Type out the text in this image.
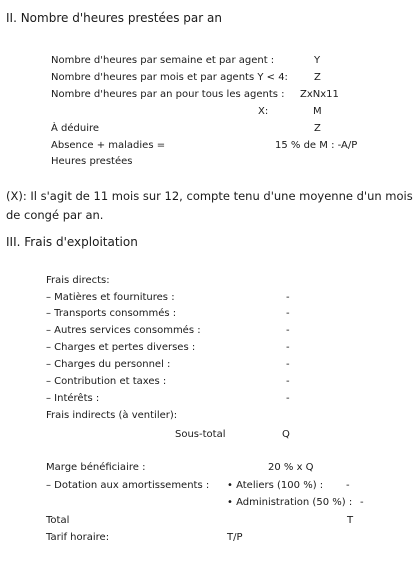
II. Nombre d'heures prestées par an
Nombre d'heures par semaine et par agent :	Y
Nombre d'heures par mois et par agents Y < 4:	Z
Nombre d'heures par an pour tous les agents : ZxNx11
X:	M
À déduire	Z
Absence + maladies =	15 % de M : -A/P
Heures prestées
(X): Il s'agit de 11 mois sur 12, compte tenu d'une moyenne d'un mois de congé par an.
III. Frais d'exploitation
Frais directs:
– Matières et fournitures :	-
– Transports consommés :	-
– Autres services consommés :	-
– Charges et pertes diverses :	-
– Charges du personnel :	-
– Contribution et taxes :	-
– Intérêts :	-
Frais indirects (à ventiler):
Sous-total	Q
Marge bénéficiaire :	20 % x Q
– Dotation aux amortissements : • Ateliers (100 %) : -
• Administration (50 %) : -
Total	T
Tarif horaire:	T/P
